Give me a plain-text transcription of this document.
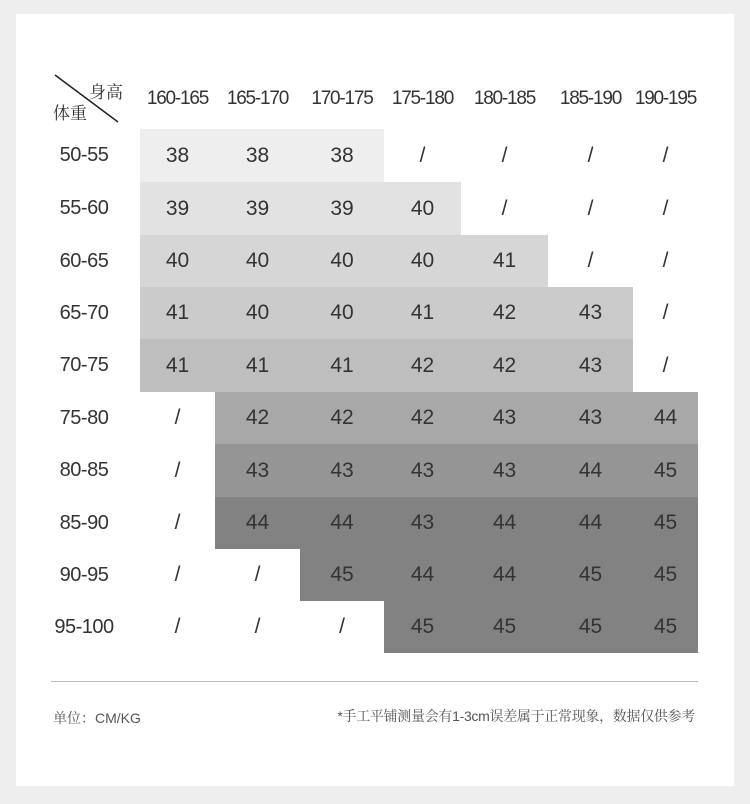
身高
体重
160-165 165-170	170-175	175-180	180-185	185-190 190-195
50-55	38	38	38	/	/	/	/
55-60	39	39	39	40	/	/	/
60-65	40	40	40	40	41	/	/
65-70	41	40	40	41	42	43	/
70-75	41	41	41	42	42	43	/
75-80	/	42	42	42	43	43	44
80-85	/	43	43	43	43	44	45
85-90	/	44	44	43	44	44	45
90-95	/	/	45	44	44	45	45
95-100	/	/	/	45	45	45	45
单位：CM/KG	*手工平铺测量会有1-3cm误差属于正常现象，数据仅供参考
